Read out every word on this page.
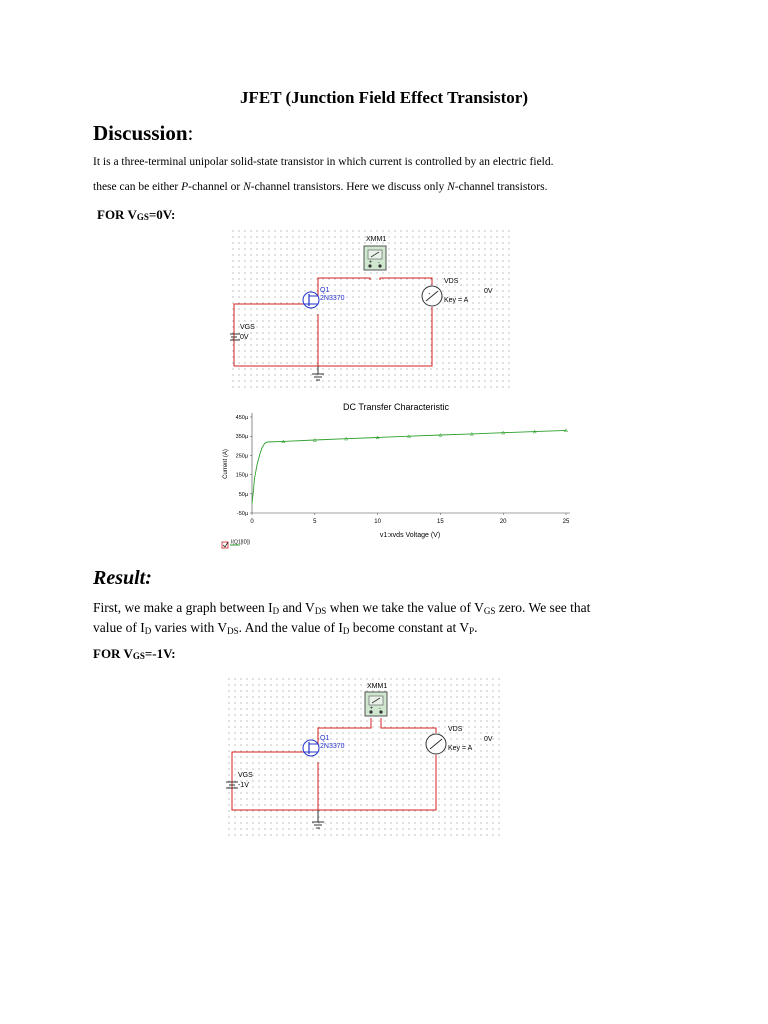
JFET (Junction Field Effect Transistor)
Discussion:
It is a three-terminal unipolar solid-state transistor in which current is controlled by an electric field.
these can be either P-channel or N-channel transistors. Here we discuss only N-channel transistors.
FOR $V_{GS}=0V$:
+ -
XMM1
Q1
2N3370
+
VDS
Key = A
0V
VGS
0V
DC Transfer Characteristic
Current (A)
v1:xvds Voltage (V)
0	5	10	15	20	25
450µ
350µ
250µ
150µ
50µ
-50µ
I(Q1[ID])
Result:
First, we make a graph between $I_D$ and $V_{DS}$ when we take the value of $V_{GS}$ zero. We see that
value of $I_D$ varies with $V_{DS}$. And the value of $I_D$ become constant at $V_P$.
FOR $V_{GS}=-1V$:
+ -
XMM1
Q1
2N3370
VDS
Key = A
0V
VGS
-1V
